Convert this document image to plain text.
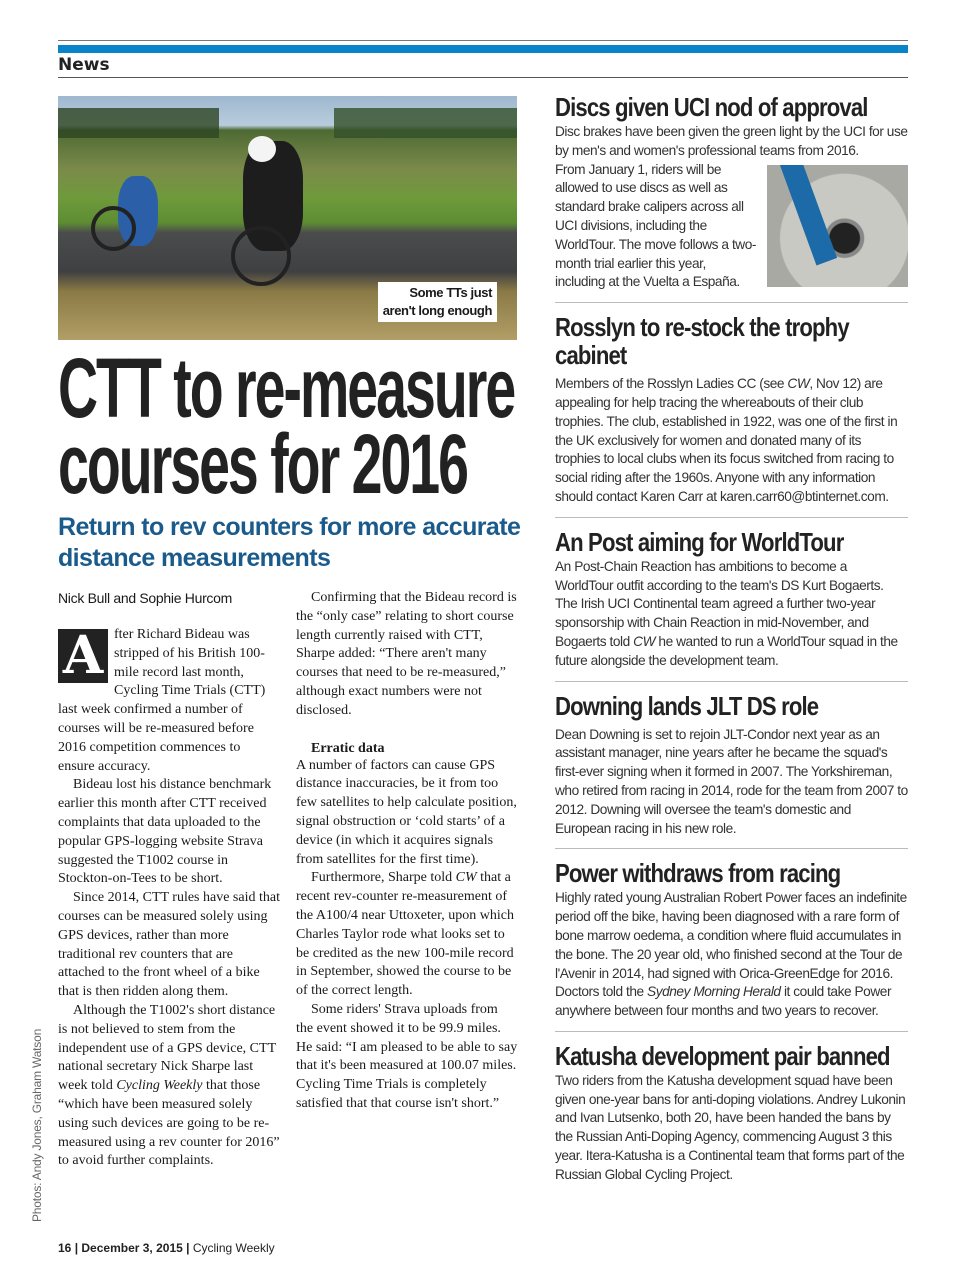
News
Some TTs just
aren't long enough
CTT to re-measure
courses for 2016
Return to rev counters for more accurate distance measurements
Nick Bull and Sophie Hurcom

A fter Richard Bideau was stripped of his British 100-mile record last month, Cycling Time Trials (CTT) last week confirmed a number of courses will be re-measured before 2016 competition commences to ensure accuracy.

Bideau lost his distance benchmark earlier this month after CTT received complaints that data uploaded to the popular GPS-logging website Strava suggested the T1002 course in Stockton-on-Tees to be short.

Since 2014, CTT rules have said that courses can be measured solely using GPS devices, rather than more traditional rev counters that are attached to the front wheel of a bike that is then ridden along them.

Although the T1002's short distance is not believed to stem from the independent use of a GPS device, CTT national secretary Nick Sharpe last week told Cycling Weekly that those “which have been measured solely using such devices are going to be re-measured using a rev counter for 2016” to avoid further complaints.

Confirming that the Bideau record is the “only case” relating to short course length currently raised with CTT, Sharpe added: “There aren't many courses that need to be re-measured,” although exact numbers were not disclosed.

Erratic data

A number of factors can cause GPS distance inaccuracies, be it from too few satellites to help calculate position, signal obstruction or ‘cold starts’ of a device (in which it acquires signals from satellites for the first time).

Furthermore, Sharpe told CW that a recent rev-counter re-measurement of the A100/4 near Uttoxeter, upon which Charles Taylor rode what looks set to be credited as the new 100-mile record in September, showed the course to be of the correct length.

Some riders' Strava uploads from the event showed it to be 99.9 miles. He said: “I am pleased to be able to say that it's been measured at 100.07 miles. Cycling Time Trials is completely satisfied that that course isn't short.”

Photos: Andy Jones, Graham Watson
16 | December 3, 2015 | Cycling Weekly
Discs given UCI nod of approval
Disc brakes have been given the green light by the UCI for use by men's and women's professional teams from 2016.
From January 1, riders will be allowed to use discs as well as standard brake calipers across all UCI divisions, including the WorldTour. The move follows a two-month trial earlier this year, including at the Vuelta a España.
Rosslyn to re-stock the trophy cabinet
Members of the Rosslyn Ladies CC (see CW, Nov 12) are appealing for help tracing the whereabouts of their club trophies. The club, established in 1922, was one of the first in the UK exclusively for women and donated many of its trophies to local clubs when its focus switched from racing to social riding after the 1960s. Anyone with any information should contact Karen Carr at karen.carr60@btinternet.com.
An Post aiming for WorldTour
An Post-Chain Reaction has ambitions to become a WorldTour outfit according to the team's DS Kurt Bogaerts. The Irish UCI Continental team agreed a further two-year sponsorship with Chain Reaction in mid-November, and Bogaerts told CW he wanted to run a WorldTour squad in the future alongside the development team.
Downing lands JLT DS role
Dean Downing is set to rejoin JLT-Condor next year as an assistant manager, nine years after he became the squad's first-ever signing when it formed in 2007. The Yorkshireman, who retired from racing in 2014, rode for the team from 2007 to 2012. Downing will oversee the team's domestic and European racing in his new role.
Power withdraws from racing
Highly rated young Australian Robert Power faces an indefinite period off the bike, having been diagnosed with a rare form of bone marrow oedema, a condition where fluid accumulates in the bone. The 20 year old, who finished second at the Tour de l'Avenir in 2014, had signed with Orica-GreenEdge for 2016. Doctors told the Sydney Morning Herald it could take Power anywhere between four months and two years to recover.
Katusha development pair banned
Two riders from the Katusha development squad have been given one-year bans for anti-doping violations. Andrey Lukonin and Ivan Lutsenko, both 20, have been handed the bans by the Russian Anti-Doping Agency, commencing August 3 this year. Itera-Katusha is a Continental team that forms part of the Russian Global Cycling Project.
